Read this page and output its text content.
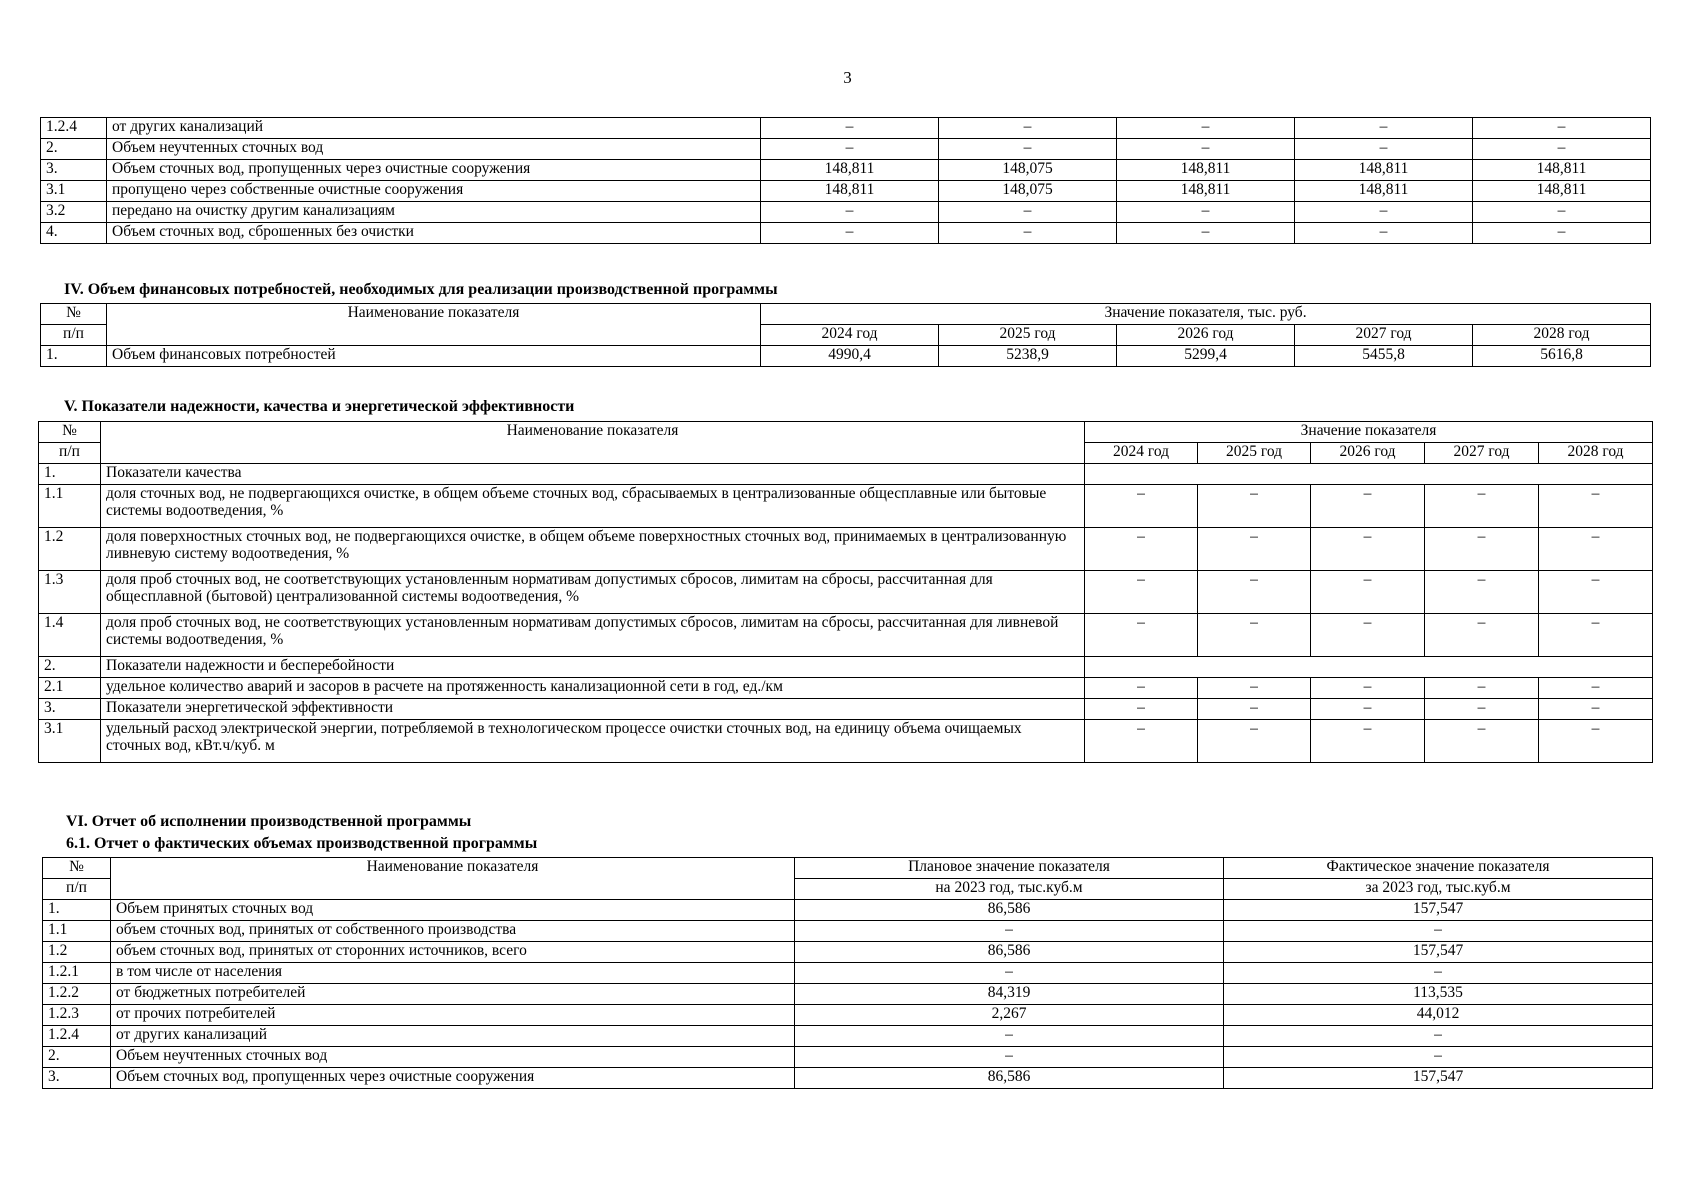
3
1.2.4	от других канализаций	–	–	–	–	–
2.	Объем неучтенных сточных вод	–	–	–	–	–
3.	Объем сточных вод, пропущенных через очистные сооружения	148,811	148,075	148,811	148,811	148,811
3.1	пропущено через собственные очистные сооружения	148,811	148,075	148,811	148,811	148,811
3.2	передано на очистку другим канализациям	–	–	–	–	–
4.	Объем сточных вод, сброшенных без очистки	–	–	–	–	–
IV. Объем финансовых потребностей, необходимых для реализации производственной программы
№	Наименование показателя	Значение показателя, тыс. руб.				
п/п		2024 год	2025 год	2026 год	2027 год	2028 год
1.	Объем финансовых потребностей	4990,4	5238,9	5299,4	5455,8	5616,8
V. Показатели надежности, качества и энергетической эффективности
№	Наименование показателя	Значение показателя				
п/п		2024 год	2025 год	2026 год	2027 год	2028 год
1.	Показатели качества					
1.1	доля сточных вод, не подвергающихся очистке, в общем объеме сточных вод, сбрасываемых в централизованные общесплавные или бытовые системы водоотведения, %	–	–	–	–	–
1.2	доля поверхностных сточных вод, не подвергающихся очистке, в общем объеме поверхностных сточных вод, принимаемых в централизованную ливневую систему водоотведения, %	–	–	–	–	–
1.3	доля проб сточных вод, не соответствующих установленным нормативам допустимых сбросов, лимитам на сбросы, рассчитанная для общесплавной (бытовой) централизованной системы водоотведения, %	–	–	–	–	–
1.4	доля проб сточных вод, не соответствующих установленным нормативам допустимых сбросов, лимитам на сбросы, рассчитанная для ливневой системы водоотведения, %	–	–	–	–	–
2.	Показатели надежности и бесперебойности					
2.1	удельное количество аварий и засоров в расчете на протяженность канализационной сети в год, ед./км	–	–	–	–	–
3.	Показатели энергетической эффективности	–	–	–	–	–
3.1	удельный расход электрической энергии, потребляемой в технологическом процессе очистки сточных вод, на единицу объема очищаемых сточных вод, кВт.ч/куб. м	–	–	–	–	–
VI. Отчет об исполнении производственной программы
6.1. Отчет о фактических объемах производственной программы
№	Наименование показателя	Плановое значение показателя	Фактическое значение показателя
п/п		на 2023 год, тыс.куб.м	за 2023 год, тыс.куб.м
1.	Объем принятых сточных вод	86,586	157,547
1.1	объем сточных вод, принятых от собственного производства	–	–
1.2	объем сточных вод, принятых от сторонних источников, всего	86,586	157,547
1.2.1	в том числе от населения	–	–
1.2.2	от бюджетных потребителей	84,319	113,535
1.2.3	от прочих потребителей	2,267	44,012
1.2.4	от других канализаций	–	–
2.	Объем неучтенных сточных вод	–	–
3.	Объем сточных вод, пропущенных через очистные сооружения	86,586	157,547
